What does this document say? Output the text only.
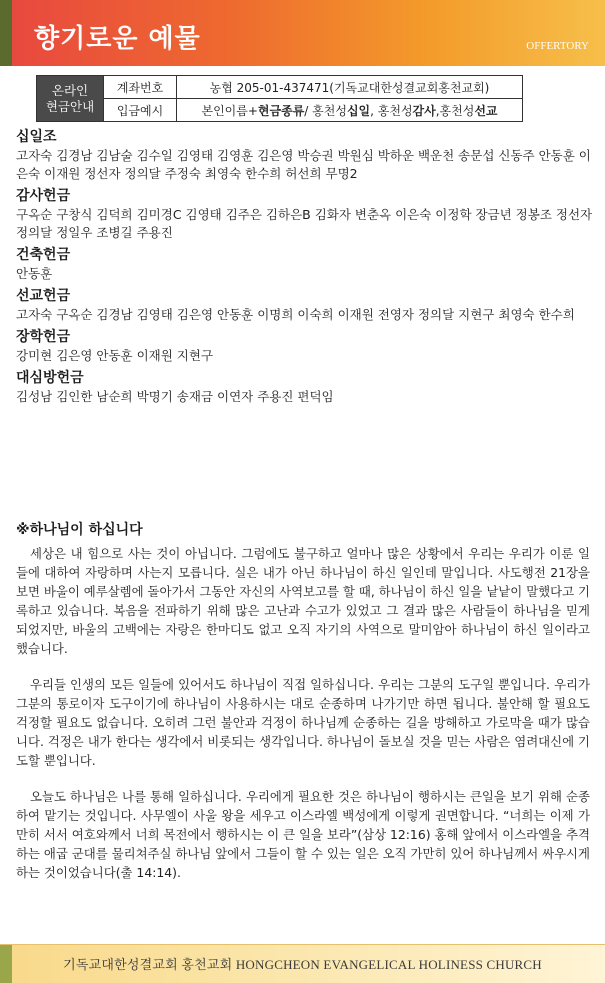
향기로운 예물	OFFERTORY
온라인
현금안내	계좌번호	농협 205-01-437471(기독교대한성결교회홍천교회)
	입금예시	본인이름+현금종류/ 홍천성십일, 홍천성감사,홍천성선교

십일조

고자숙 김경남 김남술 김수일 김영태 김영훈 김은영 박승권 박원심 박하운 백운천 송문섭 신동주 안동훈 이은숙 이재원 정선자 정의달 주정숙 최영숙 한수희 허선희 무명2

감사헌금

구옥순 구창식 김덕희 김미경C 김영태 김주은 김하은B 김화자 변춘옥 이은숙 이정학 장금년 정봉조 정선자 정의달 정일우 조병길 주용진

건축헌금

안동훈

선교헌금

고자숙 구옥순 김경남 김영태 김은영 안동훈 이명희 이숙희 이재원 전영자 정의달 지현구 최영숙 한수희

장학헌금

강미현 김은영 안동훈 이재원 지현구

대심방헌금

김성남 김인한 남순희 박명기 송재금 이연자 주용진 편덕임

※하나님이 하십니다

세상은 내 힘으로 사는 것이 아닙니다. 그럼에도 불구하고 얼마나 많은 상황에서 우리는 우리가 이룬 일들에 대하여 자랑하며 사는지 모릅니다. 실은 내가 아닌 하나님이 하신 일인데 말입니다. 사도행전 21장을 보면 바울이 예루살렘에 돌아가서 그동안 자신의 사역보고를 할 때, 하나님이 하신 일을 낱낱이 말했다고 기록하고 있습니다. 복음을 전파하기 위해 많은 고난과 수고가 있었고 그 결과 많은 사람들이 하나님을 믿게 되었지만, 바울의 고백에는 자랑은 한마디도 없고 오직 자기의 사역으로 말미암아 하나님이 하신 일이라고 했습니다.

우리들 인생의 모든 일들에 있어서도 하나님이 직접 일하십니다. 우리는 그분의 도구일 뿐입니다. 우리가 그분의 통로이자 도구이기에 하나님이 사용하시는 대로 순종하며 나가기만 하면 됩니다. 불안해 할 필요도 걱정할 필요도 없습니다. 오히려 그런 불안과 걱정이 하나님께 순종하는 길을 방해하고 가로막을 때가 많습니다. 걱정은 내가 한다는 생각에서 비롯되는 생각입니다. 하나님이 돌보실 것을 믿는 사람은 염려대신에 기도할 뿐입니다.

오늘도 하나님은 나를 통해 일하십니다. 우리에게 필요한 것은 하나님이 행하시는 큰일을 보기 위해 순종하여 맡기는 것입니다. 사무엘이 사울 왕을 세우고 이스라엘 백성에게 이렇게 권면합니다. “너희는 이제 가만히 서서 여호와께서 너희 목전에서 행하시는 이 큰 일을 보라”(삼상 12:16) 홍해 앞에서 이스라엘을 추격하는 애굽 군대를 물리쳐주실 하나님 앞에서 그들이 할 수 있는 일은 오직 가만히 있어 하나님께서 싸우시게 하는 것이었습니다(출 14:14).

기독교대한성결교회 홍천교회 HONGCHEON EVANGELICAL HOLINESS CHURCH
